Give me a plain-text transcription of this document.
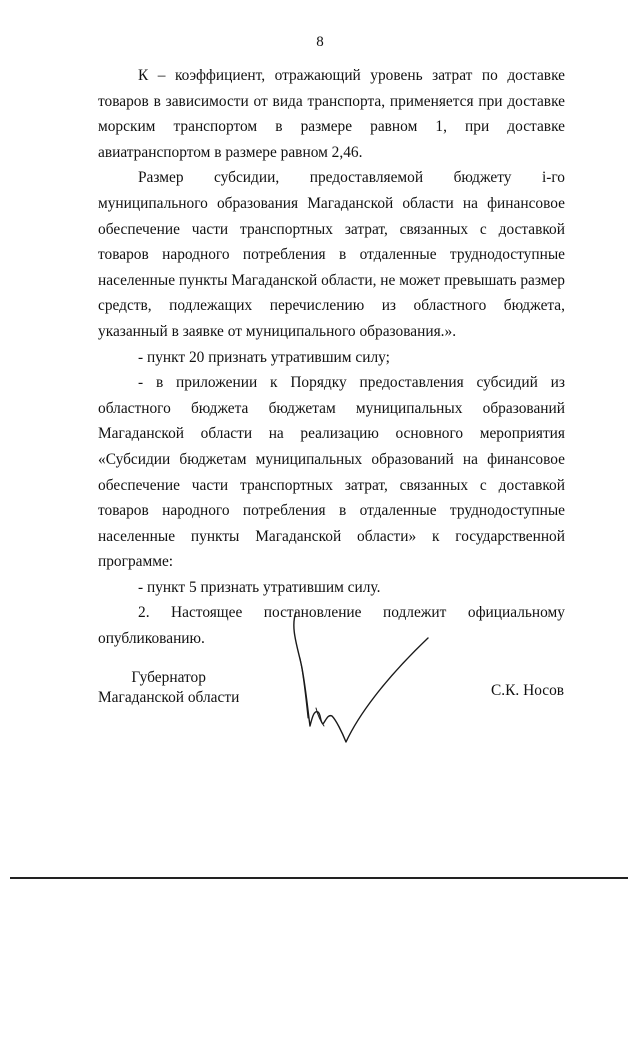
8

К – коэффициент, отражающий уровень затрат по доставке товаров в зависимости от вида транспорта, применяется при доставке морским транспортом в размере равном 1, при доставке авиатранспортом в размере равном 2,46.

Размер субсидии, предоставляемой бюджету i-го муниципального образования Магаданской области на финансовое обеспечение части транспортных затрат, связанных с доставкой товаров народного потребления в отдаленные труднодоступные населенные пункты Магаданской области, не может превышать размер средств, подлежащих перечислению из областного бюджета, указанный в заявке от муниципального образования.».

- пункт 20 признать утратившим силу;

- в приложении к Порядку предоставления субсидий из областного бюджета бюджетам муниципальных образований Магаданской области на реализацию основного мероприятия «Субсидии бюджетам муниципальных образований на финансовое обеспечение части транспортных затрат, связанных с доставкой товаров народного потребления в отдаленные труднодоступные населенные пункты Магаданской области» к государственной программе:

- пункт 5 признать утратившим силу.

2. Настоящее постановление подлежит официальному опубликованию.

Губернатор
Магаданской области	С.К. Носов
